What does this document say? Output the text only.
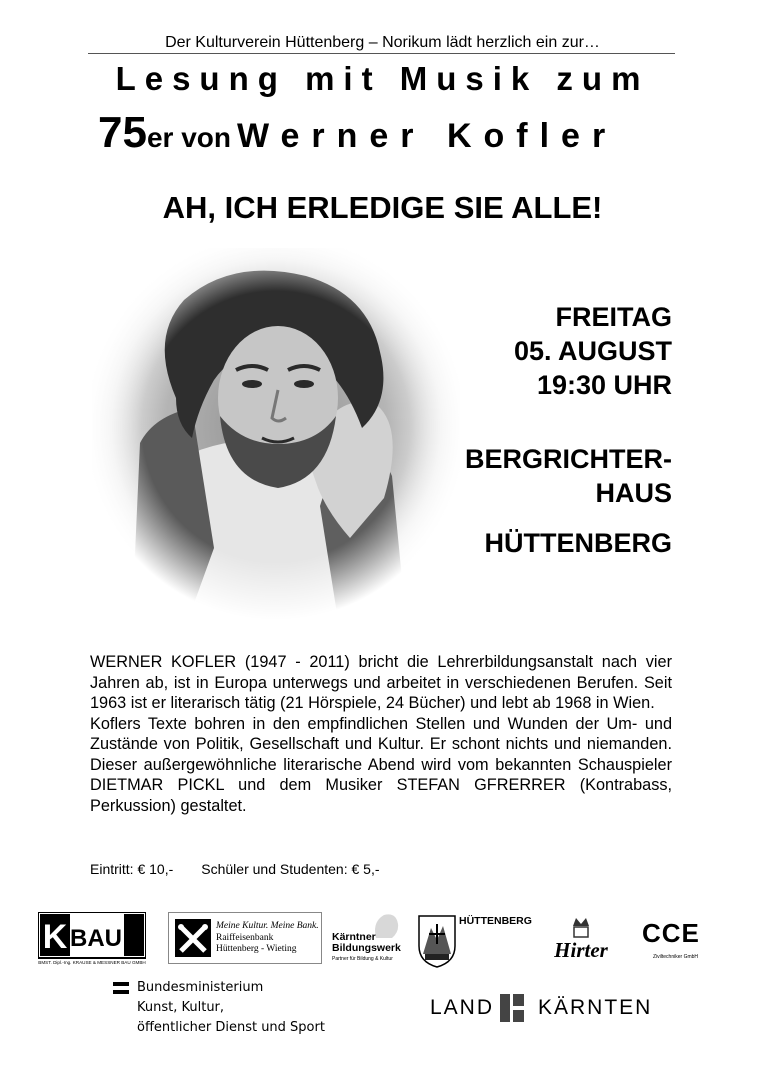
Der Kulturverein Hüttenberg – Norikum lädt herzlich ein zur…
Lesung mit Musik zum
75er von Werner Kofler
AH, ICH ERLEDIGE SIE ALLE!
FREITAG
05. AUGUST
19:30 UHR
BERGRICHTER-
HAUS
HÜTTENBERG

WERNER KOFLER (1947 - 2011) bricht die Lehrerbildungsanstalt nach vier Jahren ab, ist in Europa unterwegs und arbeitet in verschiedenen Berufen. Seit 1963 ist er literarisch tätig (21 Hörspiele, 24 Bücher) und lebt ab 1968 in Wien.

Koflers Texte bohren in den empfindlichen Stellen und Wunden der Um- und Zustände von Politik, Gesellschaft und Kultur. Er schont nichts und niemanden. Dieser außergewöhnliche literarische Abend wird vom bekannten Schauspieler DIETMAR PICKL und dem Musiker STEFAN GFRERRER (Kontrabass, Perkussion) gestaltet.

Eintritt: € 10,- Schüler und Studenten: € 5,-
K BAU
BMST. Dipl.-Ing. KRAUSE & MESSNER BAU GMBH
Meine Kultur. Meine Bank.
Raiffeisenbank
Hüttenberg - Wieting
Kärntner
Bildungswerk
Partner für Bildung & Kultur
HÜTTENBERG
Hirter
CCE
Ziviltechniker GmbH
Bundesministerium
Kunst, Kultur,
öffentlicher Dienst und Sport
LAND KÄRNTEN
